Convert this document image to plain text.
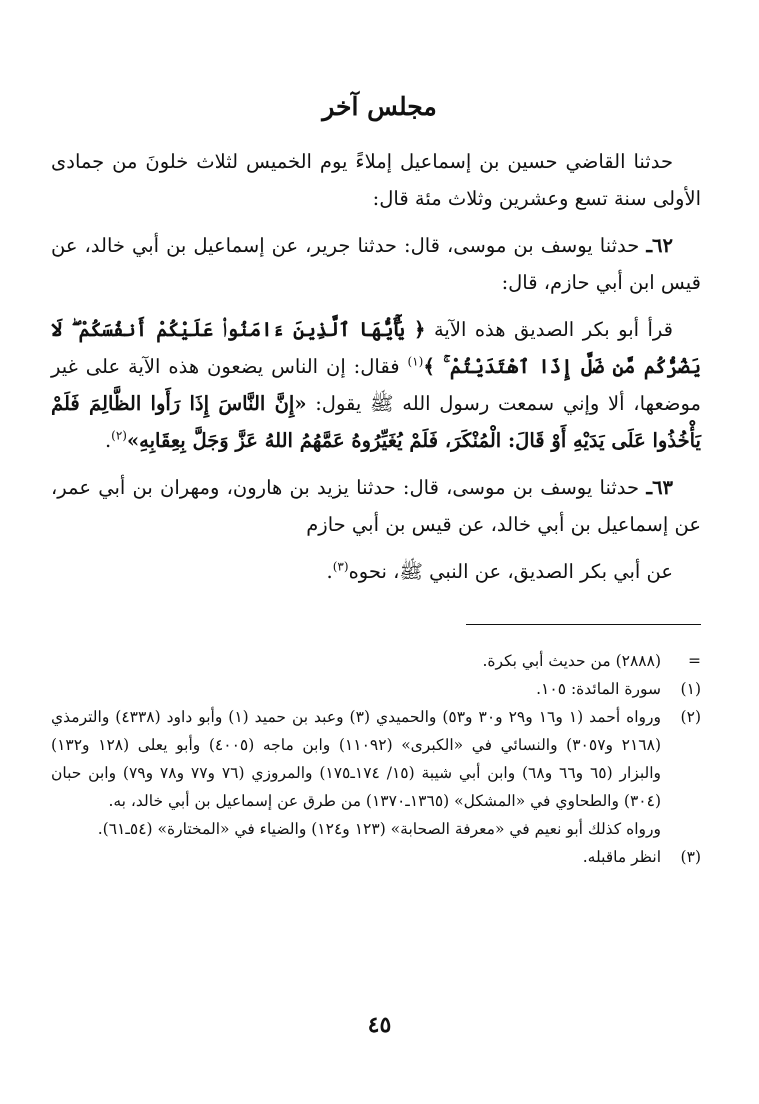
مجلس آخر

حدثنا القاضي حسين بن إسماعيل إملاءً يوم الخميس لثلاث خلونَ من جمادى الأولى سنة تسع وعشرين وثلاث مئة قال:

٦٢ـ حدثنا يوسف بن موسى، قال: حدثنا جرير، عن إسماعيل بن أبي خالد، عن قيس ابن أبي حازم، قال:

قرأ أبو بكر الصديق هذه الآية ﴿ يَٰٓأَيُّهَا ٱلَّذِينَ ءَامَنُوا۟ عَلَيْكُمْ أَنفُسَكُمْ ۖ لَا يَضُرُّكُم مَّن ضَلَّ إِذَا ٱهْتَدَيْتُمْ ۚ ﴾$^{(١)}$ فقال: إن الناس يضعون هذه الآية على غير موضعها، ألا وإني سمعت رسول الله ﷺ يقول: «إِنَّ النَّاسَ إِذَا رَأَوا الظَّالِمَ فَلَمْ يَأْخُذُوا عَلَى يَدَيْهِ أَوْ قَالَ: الْمُنْكَرَ، فَلَمْ يُغَيِّرُوهُ عَمَّهُمُ اللهُ عَزَّ وَجَلَّ بِعِقَابِهِ»$^{(٢)}$.

٦٣ـ حدثنا يوسف بن موسى، قال: حدثنا يزيد بن هارون، ومهران بن أبي عمر، عن إسماعيل بن أبي خالد، عن قيس بن أبي حازم

عن أبي بكر الصديق، عن النبي ﷺ، نحوه$^{(٣)}$.

=
(٢٨٨٨) من حديث أبي بكرة.
(١)
سورة المائدة: ١٠٥.
(٢)
ورواه أحمد (١ و١٦ و٢٩ و٣٠ و٥٣) والحميدي (٣) وعبد بن حميد (١) وأبو داود (٤٣٣٨) والترمذي (٢١٦٨ و٣٠٥٧) والنسائي في «الكبرى» (١١٠٩٢) وابن ماجه (٤٠٠٥) وأبو يعلى (١٢٨ و١٣٢) والبزار (٦٥ و٦٦ و٦٨) وابن أبي شيبة (١٥/ ١٧٤ـ١٧٥) والمروزي (٧٦ و٧٧ و٧٨ و٧٩) وابن حبان (٣٠٤) والطحاوي في «المشكل» (١٣٦٥ـ١٣٧٠) من طرق عن إسماعيل بن أبي خالد، به.
ورواه كذلك أبو نعيم في «معرفة الصحابة» (١٢٣ و١٢٤) والضياء في «المختارة» (٥٤ـ٦١).
(٣)
انظر ماقبله.
٤٥
